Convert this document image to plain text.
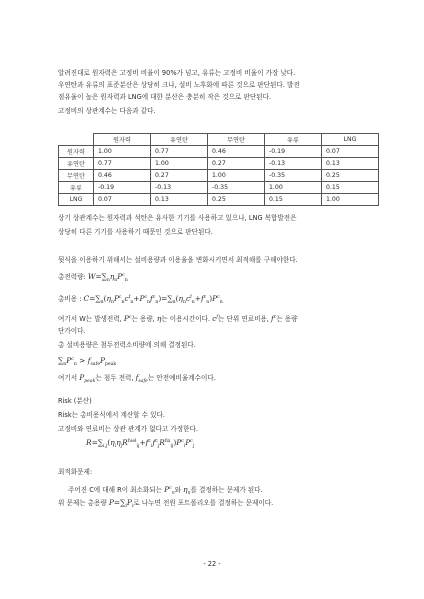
알려진대로 원자력은 고정비 비율이 90%가 넘고, 유류는 고정비 비율이 가장 낮다.
우연탄과 유류의 표준분산은 상당히 크나, 설비 노후화에 따른 것으로 판단된다. 발전
점유율이 높은 원자력과 LNG에 대한 분산은 충분히 작은 것으로 판단된다.
고정비의 상관계수는 다음과 같다.
	원자력	유연탄	무연탄	유류	LNG
원자력	1.00	0.77	0.46	-0.19	0.07
유연탄	0.77	1.00	0.27	-0.13	0.13
무연탄	0.46	0.27	1.00	-0.35	0.25
유류	-0.19	-0.13	-0.35	1.00	0.15
LNG	0.07	0.13	0.25	0.15	1.00
상기 상관계수는 원자력과 석탄은 유사한 기기를 사용하고 있으나, LNG 복합발전은
상당히 다른 기기를 사용하기 때문인 것으로 판단된다.
뒷식을 이용하기 위해서는 설비용량과 이용율을 변화시키면서 최적해를 구해야한다.
총전력량: $W=\sum_n\eta_nP^c_n$
총비용 : $C=\sum_n(\eta_nP^c_nc^f_n+P^c_nf^c_n)=\sum_n(\eta_nc^f_n+f^c_n)P^c_n$
여기서 W는 발생전력, $P^c$는 용량, η는 이용시간이다. $c^f$는 단위 연료비용, $f^c$는 용량
단가이다.
총 설비용량은 첨두전력소비량에 의해 결정된다.
$\sum_nP^c_n > f_{safe}P_{peak}$
여기서 $P_{peak}$는 첨두 전력, $f_{safe}$는 안전예비율계수이다.
Risk (분산)
Risk는 총비용식에서 계산할 수 있다.
고정비와 연료비는 상관 관계가 없다고 가정한다.
$R=\sum_{i,j}(\eta_i\eta_jR^{fuel}_{ij}+f^c_if^c_jR^{fix}_{ij})P^c_iP^c_j$
최적화문제:
주어진 C에 대해 R이 최소화되는 $P^c_n$와 $\eta_n$를 결정하는 문제가 된다.
위 문제는 총용량 $P=\sum_iP_i$로 나누면 전원 포트폴리오를 결정하는 문제이다.
- 22 -
